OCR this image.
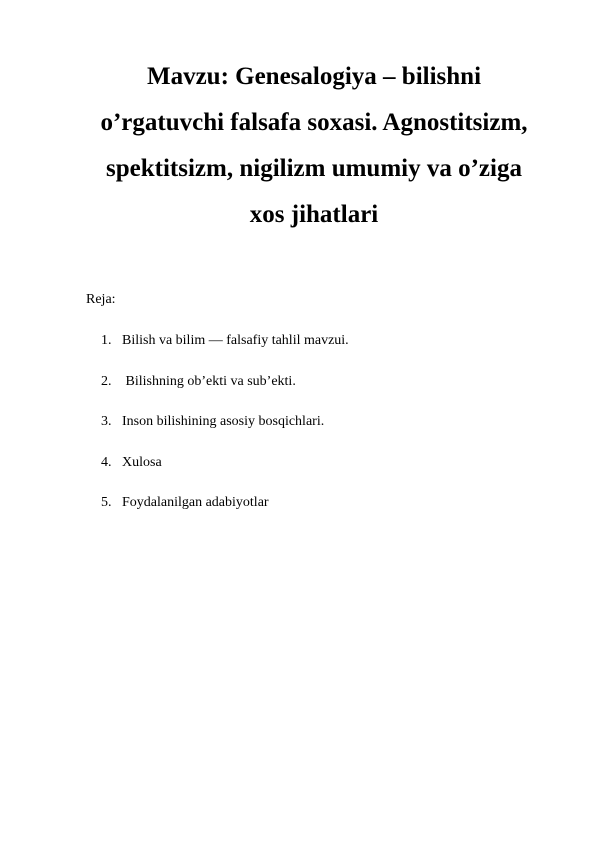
Mavzu: Genesalogiya – bilishni
o’rgatuvchi falsafa soxasi. Agnostitsizm,
spektitsizm, nigilizm umumiy va o’ziga
xos jihatlari

Reja:

1. Bilish va bilim — falsafiy tahlil mavzui.
2. Bilishning ob’ekti va sub’ekti.
3. Inson bilishining asosiy bosqichlari.
4. Xulosa
5. Foydalanilgan adabiyotlar
